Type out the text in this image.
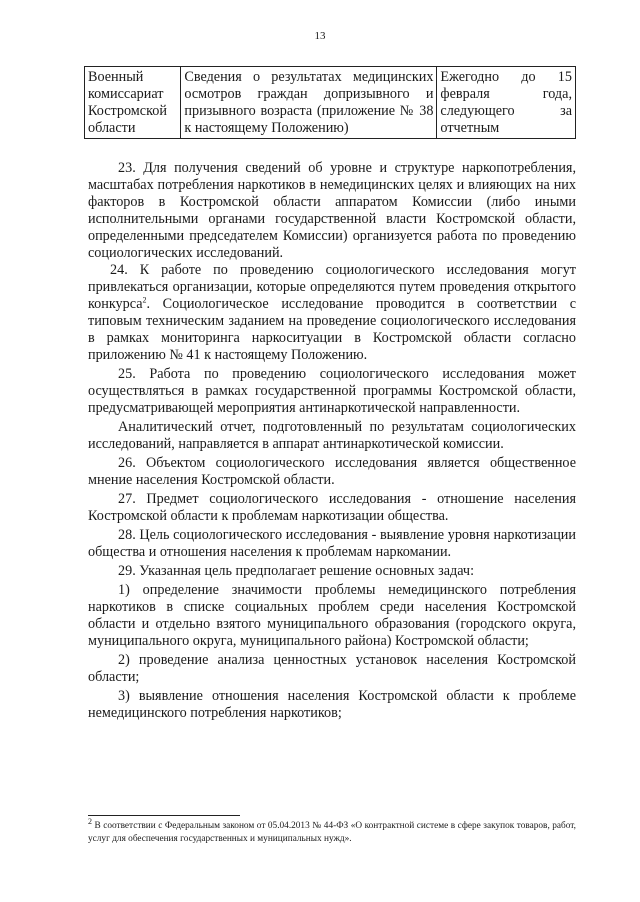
13
Военный комиссариат Костромской области	Сведения о результатах медицинских осмотров граждан допризывного и призывного возраста (приложение № 38 к настоящему Положению)	Ежегодно до 15 февраля года, следующего за отчетным

23. Для получения сведений об уровне и структуре наркопотребления, масштабах потребления наркотиков в немедицинских целях и влияющих на них факторов в Костромской области аппаратом Комиссии (либо иными исполнительными органами государственной власти Костромской области, определенными председателем Комиссии) организуется работа по проведению социологических исследований.

24. К работе по проведению социологического исследования могут привлекаться организации, которые определяются путем проведения открытого конкурса$^2$. Социологическое исследование проводится в соответствии с типовым техническим заданием на проведение социологического исследования в рамках мониторинга наркоситуации в Костромской области согласно приложению № 41 к настоящему Положению.

25. Работа по проведению социологического исследования может осуществляться в рамках государственной программы Костромской области, предусматривающей мероприятия антинаркотической направленности.

Аналитический отчет, подготовленный по результатам социологических исследований, направляется в аппарат антинаркотической комиссии.

26. Объектом социологического исследования является общественное мнение населения Костромской области.

27. Предмет социологического исследования - отношение населения Костромской области к проблемам наркотизации общества.

28. Цель социологического исследования - выявление уровня наркотизации общества и отношения населения к проблемам наркомании.

29. Указанная цель предполагает решение основных задач:

1) определение значимости проблемы немедицинского потребления наркотиков в списке социальных проблем среди населения Костромской области и отдельно взятого муниципального образования (городского округа, муниципального округа, муниципального района) Костромской области;

2) проведение анализа ценностных установок населения Костромской области;

3) выявление отношения населения Костромской области к проблеме немедицинского потребления наркотиков;

$^2$ В соответствии с Федеральным законом от 05.04.2013 № 44-ФЗ «О контрактной системе в сфере закупок товаров, работ, услуг для обеспечения государственных и муниципальных нужд».
